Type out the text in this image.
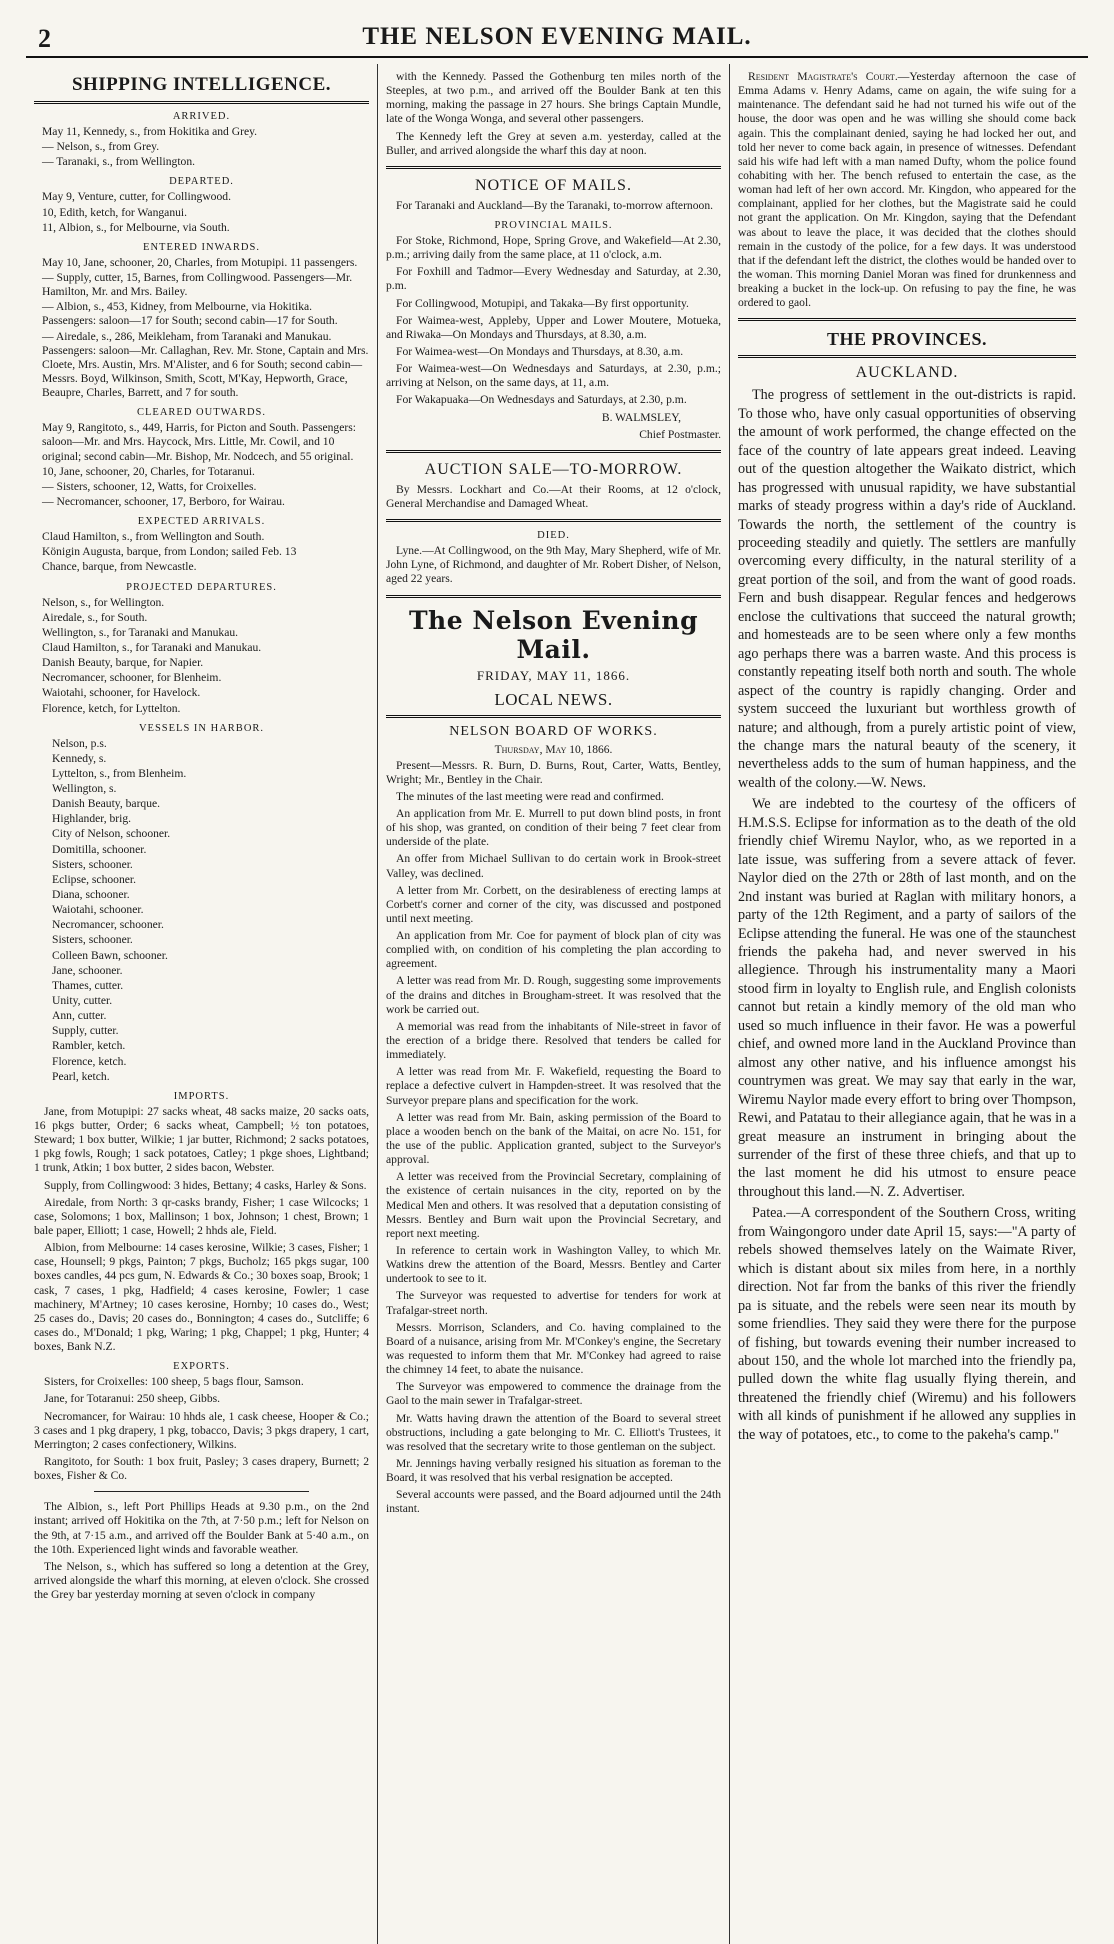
2	THE NELSON EVENING MAIL.
SHIPPING INTELLIGENCE.
ARRIVED.

May 11, Kennedy, s., from Hokitika and Grey.

— Nelson, s., from Grey.

— Taranaki, s., from Wellington.

DEPARTED.

May 9, Venture, cutter, for Collingwood.

10, Edith, ketch, for Wanganui.

11, Albion, s., for Melbourne, via South.

ENTERED INWARDS.

May 10, Jane, schooner, 20, Charles, from Motupipi. 11 passengers.

— Supply, cutter, 15, Barnes, from Collingwood. Passengers—Mr. Hamilton, Mr. and Mrs. Bailey.

— Albion, s., 453, Kidney, from Melbourne, via Hokitika. Passengers: saloon—17 for South; second cabin—17 for South.

— Airedale, s., 286, Meikleham, from Taranaki and Manukau. Passengers: saloon—Mr. Callaghan, Rev. Mr. Stone, Captain and Mrs. Cloete, Mrs. Austin, Mrs. M'Alister, and 6 for South; second cabin—Messrs. Boyd, Wilkinson, Smith, Scott, M'Kay, Hepworth, Grace, Beaupre, Charles, Barrett, and 7 for south.

CLEARED OUTWARDS.

May 9, Rangitoto, s., 449, Harris, for Picton and South. Passengers: saloon—Mr. and Mrs. Haycock, Mrs. Little, Mr. Cowil, and 10 original; second cabin—Mr. Bishop, Mr. Nodcech, and 55 original.

10, Jane, schooner, 20, Charles, for Totaranui.

— Sisters, schooner, 12, Watts, for Croixelles.

— Necromancer, schooner, 17, Berboro, for Wairau.

EXPECTED ARRIVALS.

Claud Hamilton, s., from Wellington and South.

Königin Augusta, barque, from London; sailed Feb. 13

Chance, barque, from Newcastle.

PROJECTED DEPARTURES.

Nelson, s., for Wellington.

Airedale, s., for South.

Wellington, s., for Taranaki and Manukau.

Claud Hamilton, s., for Taranaki and Manukau.

Danish Beauty, barque, for Napier.

Necromancer, schooner, for Blenheim.

Waiotahi, schooner, for Havelock.

Florence, ketch, for Lyttelton.

VESSELS IN HARBOR.

Nelson, p.s.

Kennedy, s.

Lyttelton, s., from Blenheim.

Wellington, s.

Danish Beauty, barque.

Highlander, brig.

City of Nelson, schooner.

Domitilla, schooner.

Sisters, schooner.

Eclipse, schooner.

Diana, schooner.

Waiotahi, schooner.

Necromancer, schooner.

Sisters, schooner.

Colleen Bawn, schooner.

Jane, schooner.

Thames, cutter.

Unity, cutter.

Ann, cutter.

Supply, cutter.

Rambler, ketch.

Florence, ketch.

Pearl, ketch.

IMPORTS.

Jane, from Motupipi: 27 sacks wheat, 48 sacks maize, 20 sacks oats, 16 pkgs butter, Order; 6 sacks wheat, Campbell; ½ ton potatoes, Steward; 1 box butter, Wilkie; 1 jar butter, Richmond; 2 sacks potatoes, 1 pkg fowls, Rough; 1 sack potatoes, Catley; 1 pkge shoes, Lightband; 1 trunk, Atkin; 1 box butter, 2 sides bacon, Webster.

Supply, from Collingwood: 3 hides, Bettany; 4 casks, Harley & Sons.

Airedale, from North: 3 qr-casks brandy, Fisher; 1 case Wilcocks; 1 case, Solomons; 1 box, Mallinson; 1 box, Johnson; 1 chest, Brown; 1 bale paper, Elliott; 1 case, Howell; 2 hhds ale, Field.

Albion, from Melbourne: 14 cases kerosine, Wilkie; 3 cases, Fisher; 1 case, Hounsell; 9 pkgs, Painton; 7 pkgs, Bucholz; 165 pkgs sugar, 100 boxes candles, 44 pcs gum, N. Edwards & Co.; 30 boxes soap, Brook; 1 cask, 7 cases, 1 pkg, Hadfield; 4 cases kerosine, Fowler; 1 case machinery, M'Artney; 10 cases kerosine, Hornby; 10 cases do., West; 25 cases do., Davis; 20 cases do., Bonnington; 4 cases do., Sutcliffe; 6 cases do., M'Donald; 1 pkg, Waring; 1 pkg, Chappel; 1 pkg, Hunter; 4 boxes, Bank N.Z.

EXPORTS.

Sisters, for Croixelles: 100 sheep, 5 bags flour, Samson.

Jane, for Totaranui: 250 sheep, Gibbs.

Necromancer, for Wairau: 10 hhds ale, 1 cask cheese, Hooper & Co.; 3 cases and 1 pkg drapery, 1 pkg, tobacco, Davis; 3 pkgs drapery, 1 cart, Merrington; 2 cases confectionery, Wilkins.

Rangitoto, for South: 1 box fruit, Pasley; 3 cases drapery, Burnett; 2 boxes, Fisher & Co.

The Albion, s., left Port Phillips Heads at 9.30 p.m., on the 2nd instant; arrived off Hokitika on the 7th, at 7·50 p.m.; left for Nelson on the 9th, at 7·15 a.m., and arrived off the Boulder Bank at 5·40 a.m., on the 10th. Experienced light winds and favorable weather.

The Nelson, s., which has suffered so long a detention at the Grey, arrived alongside the wharf this morning, at eleven o'clock. She crossed the Grey bar yesterday morning at seven o'clock in company

with the Kennedy. Passed the Gothenburg ten miles north of the Steeples, at two p.m., and arrived off the Boulder Bank at ten this morning, making the passage in 27 hours. She brings Captain Mundle, late of the Wonga Wonga, and several other passengers.

The Kennedy left the Grey at seven a.m. yesterday, called at the Buller, and arrived alongside the wharf this day at noon.

NOTICE OF MAILS.

For Taranaki and Auckland—By the Taranaki, to-morrow afternoon.

PROVINCIAL MAILS.

For Stoke, Richmond, Hope, Spring Grove, and Wakefield—At 2.30, p.m.; arriving daily from the same place, at 11 o'clock, a.m.

For Foxhill and Tadmor—Every Wednesday and Saturday, at 2.30, p.m.

For Collingwood, Motupipi, and Takaka—By first opportunity.

For Waimea-west, Appleby, Upper and Lower Moutere, Motueka, and Riwaka—On Mondays and Thursdays, at 8.30, a.m.

For Waimea-west—On Mondays and Thursdays, at 8.30, a.m.

For Waimea-west—On Wednesdays and Saturdays, at 2.30, p.m.; arriving at Nelson, on the same days, at 11, a.m.

For Wakapuaka—On Wednesdays and Saturdays, at 2.30, p.m.

B. WALMSLEY,

Chief Postmaster.

AUCTION SALE—TO-MORROW.

By Messrs. Lockhart and Co.—At their Rooms, at 12 o'clock, General Merchandise and Damaged Wheat.

DIED.

Lyne.—At Collingwood, on the 9th May, Mary Shepherd, wife of Mr. John Lyne, of Richmond, and daughter of Mr. Robert Disher, of Nelson, aged 22 years.

The Nelson Evening Mail.
FRIDAY, MAY 11, 1866.
LOCAL NEWS.
NELSON BOARD OF WORKS.
Thursday, May 10, 1866.

Present—Messrs. R. Burn, D. Burns, Rout, Carter, Watts, Bentley, Wright; Mr., Bentley in the Chair.

The minutes of the last meeting were read and confirmed.

An application from Mr. E. Murrell to put down blind posts, in front of his shop, was granted, on condition of their being 7 feet clear from underside of the plate.

An offer from Michael Sullivan to do certain work in Brook-street Valley, was declined.

A letter from Mr. Corbett, on the desirableness of erecting lamps at Corbett's corner and corner of the city, was discussed and postponed until next meeting.

An application from Mr. Coe for payment of block plan of city was complied with, on condition of his completing the plan according to agreement.

A letter was read from Mr. D. Rough, suggesting some improvements of the drains and ditches in Brougham-street. It was resolved that the work be carried out.

A memorial was read from the inhabitants of Nile-street in favor of the erection of a bridge there. Resolved that tenders be called for immediately.

A letter was read from Mr. F. Wakefield, requesting the Board to replace a defective culvert in Hampden-street. It was resolved that the Surveyor prepare plans and specification for the work.

A letter was read from Mr. Bain, asking permission of the Board to place a wooden bench on the bank of the Maitai, on acre No. 151, for the use of the public. Application granted, subject to the Surveyor's approval.

A letter was received from the Provincial Secretary, complaining of the existence of certain nuisances in the city, reported on by the Medical Men and others. It was resolved that a deputation consisting of Messrs. Bentley and Burn wait upon the Provincial Secretary, and report next meeting.

In reference to certain work in Washington Valley, to which Mr. Watkins drew the attention of the Board, Messrs. Bentley and Carter undertook to see to it.

The Surveyor was requested to advertise for tenders for work at Trafalgar-street north.

Messrs. Morrison, Sclanders, and Co. having complained to the Board of a nuisance, arising from Mr. M'Conkey's engine, the Secretary was requested to inform them that Mr. M'Conkey had agreed to raise the chimney 14 feet, to abate the nuisance.

The Surveyor was empowered to commence the drainage from the Gaol to the main sewer in Trafalgar-street.

Mr. Watts having drawn the attention of the Board to several street obstructions, including a gate belonging to Mr. C. Elliott's Trustees, it was resolved that the secretary write to those gentleman on the subject.

Mr. Jennings having verbally resigned his situation as foreman to the Board, it was resolved that his verbal resignation be accepted.

Several accounts were passed, and the Board adjourned until the 24th instant.

Resident Magistrate's Court.—Yesterday afternoon the case of Emma Adams v. Henry Adams, came on again, the wife suing for a maintenance. The defendant said he had not turned his wife out of the house, the door was open and he was willing she should come back again. This the complainant denied, saying he had locked her out, and told her never to come back again, in presence of witnesses. Defendant said his wife had left with a man named Dufty, whom the police found cohabiting with her. The bench refused to entertain the case, as the woman had left of her own accord. Mr. Kingdon, who appeared for the complainant, applied for her clothes, but the Magistrate said he could not grant the application. On Mr. Kingdon, saying that the Defendant was about to leave the place, it was decided that the clothes should remain in the custody of the police, for a few days. It was understood that if the defendant left the district, the clothes would be handed over to the woman. This morning Daniel Moran was fined for drunkenness and breaking a bucket in the lock-up. On refusing to pay the fine, he was ordered to gaol.

THE PROVINCES.
AUCKLAND.

The progress of settlement in the out-districts is rapid. To those who, have only casual opportunities of observing the amount of work performed, the change effected on the face of the country of late appears great indeed. Leaving out of the question altogether the Waikato district, which has progressed with unusual rapidity, we have substantial marks of steady progress within a day's ride of Auckland. Towards the north, the settlement of the country is proceeding steadily and quietly. The settlers are manfully overcoming every difficulty, in the natural sterility of a great portion of the soil, and from the want of good roads. Fern and bush disappear. Regular fences and hedgerows enclose the cultivations that succeed the natural growth; and homesteads are to be seen where only a few months ago perhaps there was a barren waste. And this process is constantly repeating itself both north and south. The whole aspect of the country is rapidly changing. Order and system succeed the luxuriant but worthless growth of nature; and although, from a purely artistic point of view, the change mars the natural beauty of the scenery, it nevertheless adds to the sum of human happiness, and the wealth of the colony.—W. News.

We are indebted to the courtesy of the officers of H.M.S.S. Eclipse for information as to the death of the old friendly chief Wiremu Naylor, who, as we reported in a late issue, was suffering from a severe attack of fever. Naylor died on the 27th or 28th of last month, and on the 2nd instant was buried at Raglan with military honors, a party of the 12th Regiment, and a party of sailors of the Eclipse attending the funeral. He was one of the staunchest friends the pakeha had, and never swerved in his allegience. Through his instrumentality many a Maori stood firm in loyalty to English rule, and English colonists cannot but retain a kindly memory of the old man who used so much influence in their favor. He was a powerful chief, and owned more land in the Auckland Province than almost any other native, and his influence amongst his countrymen was great. We may say that early in the war, Wiremu Naylor made every effort to bring over Thompson, Rewi, and Patatau to their allegiance again, that he was in a great measure an instrument in bringing about the surrender of the first of these three chiefs, and that up to the last moment he did his utmost to ensure peace throughout this land.—N. Z. Advertiser.

Patea.—A correspondent of the Southern Cross, writing from Waingongoro under date April 15, says:—"A party of rebels showed themselves lately on the Waimate River, which is distant about six miles from here, in a northly direction. Not far from the banks of this river the friendly pa is situate, and the rebels were seen near its mouth by some friendlies. They said they were there for the purpose of fishing, but towards evening their number increased to about 150, and the whole lot marched into the friendly pa, pulled down the white flag usually flying therein, and threatened the friendly chief (Wiremu) and his followers with all kinds of punishment if he allowed any supplies in the way of potatoes, etc., to come to the pakeha's camp."
